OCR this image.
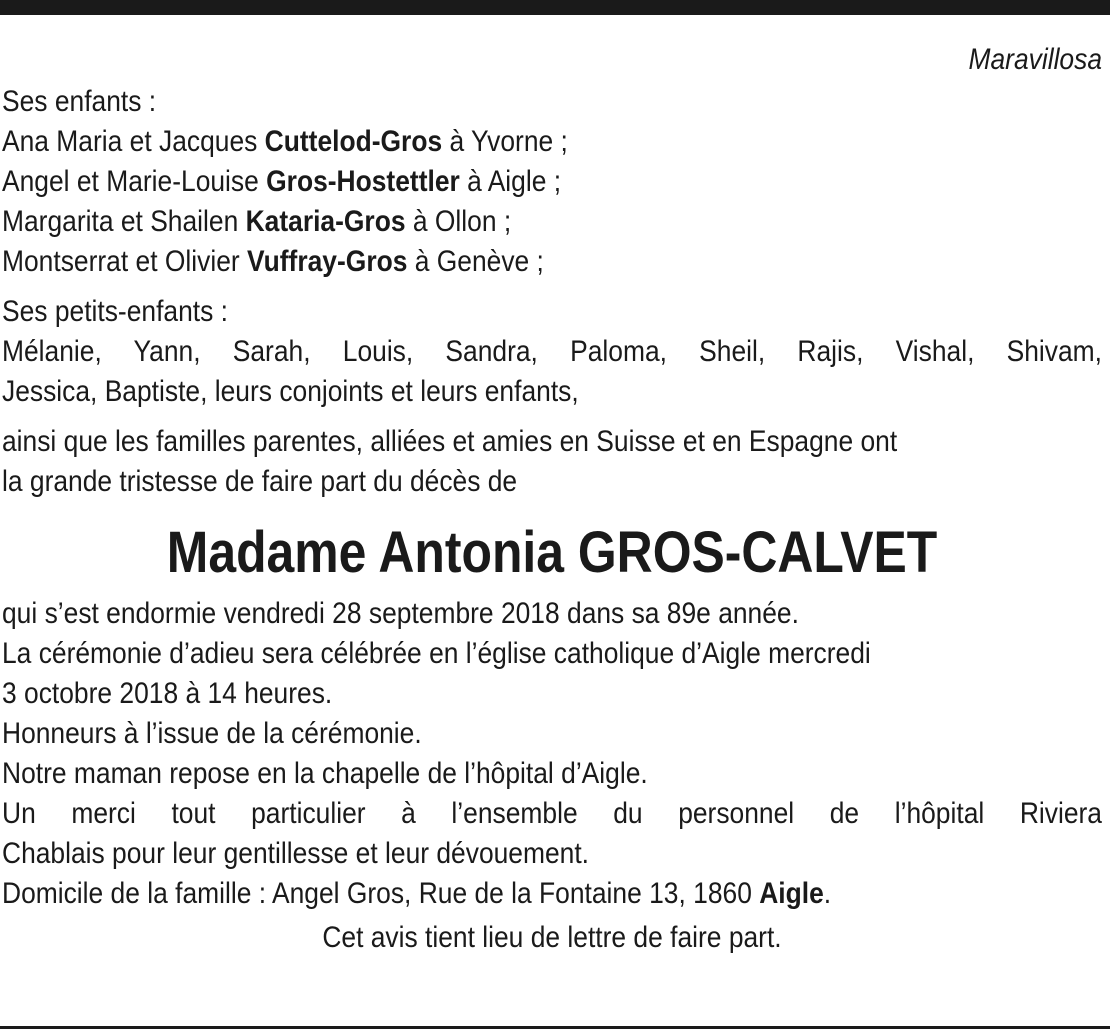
Maravillosa
Ses enfants :
Ana Maria et Jacques Cuttelod-Gros à Yvorne ;
Angel et Marie-Louise Gros-Hostettler à Aigle ;
Margarita et Shailen Kataria-Gros à Ollon ;
Montserrat et Olivier Vuffray-Gros à Genève ;
Ses petits-enfants :
Mélanie, Yann, Sarah, Louis, Sandra, Paloma, Sheil, Rajis, Vishal, Shivam,
Jessica, Baptiste, leurs conjoints et leurs enfants,
ainsi que les familles parentes, alliées et amies en Suisse et en Espagne ont
la grande tristesse de faire part du décès de
Madame Antonia GROS-CALVET
qui s’est endormie vendredi 28 septembre 2018 dans sa 89e année.
La cérémonie d’adieu sera célébrée en l’église catholique d’Aigle mercredi
3 octobre 2018 à 14 heures.
Honneurs à l’issue de la cérémonie.
Notre maman repose en la chapelle de l’hôpital d’Aigle.
Un merci tout particulier à l’ensemble du personnel de l’hôpital Riviera
Chablais pour leur gentillesse et leur dévouement.
Domicile de la famille : Angel Gros, Rue de la Fontaine 13, 1860 Aigle.
Cet avis tient lieu de lettre de faire part.
